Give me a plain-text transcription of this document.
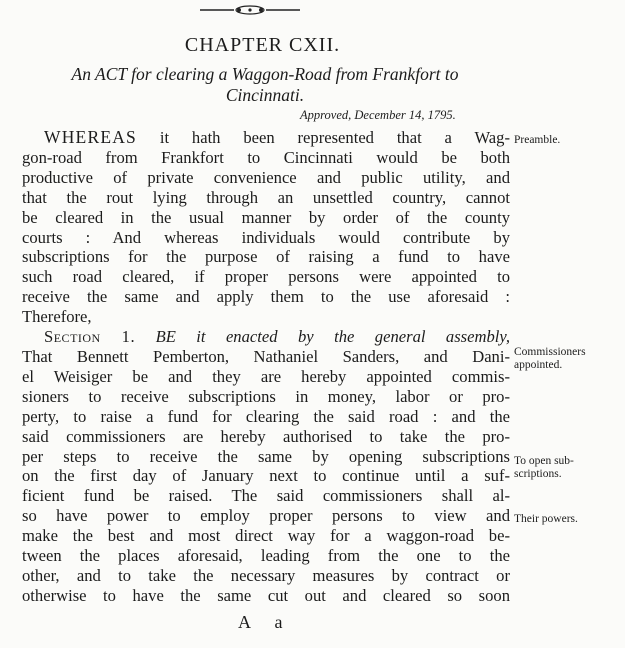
CHAPTER CXII.
An ACT for clearing a Waggon-Road from Frankfort to
Cincinnati.
Approved, December 14, 1795.
WHEREAS it hath been represented that a Wag-
gon-road from Frankfort to Cincinnati would be both
productive of private convenience and public utility, and
that the rout lying through an unsettled country, cannot
be cleared in the usual manner by order of the county
courts : And whereas individuals would contribute by
subscriptions for the purpose of raising a fund to have
such road cleared, if proper persons were appointed to
receive the same and apply them to the use aforesaid :
Therefore,
Section 1. BE it enacted by the general assembly,
That Bennett Pemberton, Nathaniel Sanders, and Dani-
el Weisiger be and they are hereby appointed commis-
sioners to receive subscriptions in money, labor or pro-
perty, to raise a fund for clearing the said road : and the
said commissioners are hereby authorised to take the pro-
per steps to receive the same by opening subscriptions
on the first day of January next to continue until a suf-
ficient fund be raised. The said commissioners shall al-
so have power to employ proper persons to view and
make the best and most direct way for a waggon-road be-
tween the places aforesaid, leading from the one to the
other, and to take the necessary measures by contract or
otherwise to have the same cut out and cleared so soon
Preamble.
Commissioners
appointed.
To open sub-
scriptions.
Their powers.
A a
